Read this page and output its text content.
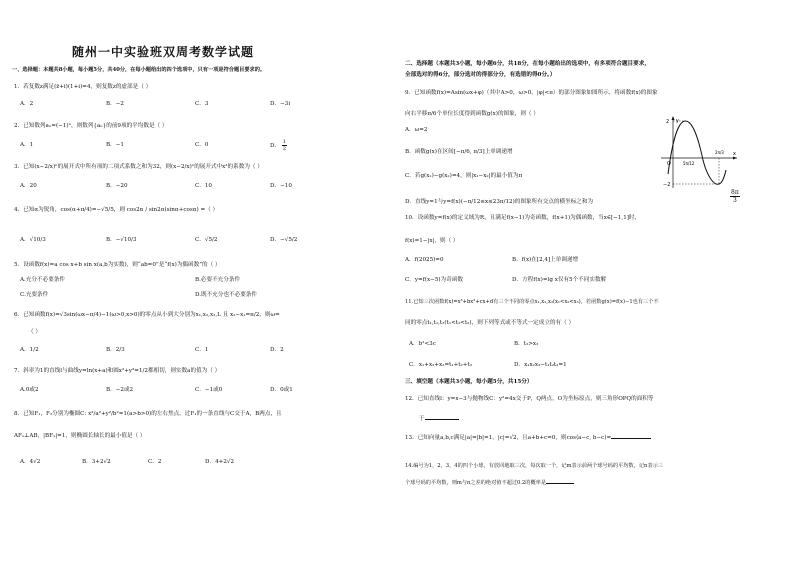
随州一中实验班双周考数学试题
一、选择题：本题共8小题，每小题5分，共40分，在每小题给出的四个选项中，只有一项是符合题目要求的。
1．若复数z满足(z̄+i)(1+i)=4，则复数z的虚部是（ ）
A．2	B．−2	C．3	D．−3i
2．已知数列aₙ=(−1)ⁿ，则数列{aₙ}的前9项的平均数是（ ）
A．1	B．−1	C．0	D． $\frac{1}{2}$
3．已知(x−2/x)ⁿ的展开式中所有项的二项式系数之和为32，则(x−2/x)ⁿ的展开式中x³的系数为（ ）
A．20	B．−20	C．10	D．−10
4．已知α为锐角，cos(α+π/4)=−√5/5，则 cos2α / sin2α(sinα+cosα) =（ ）
A．√10/3	B．−√10/3	C．√5/2	D．−√5/2
5．设函数f(x)=a cos x+b sin x(a,b为实数)，则“ab=0”是“f(x)为偶函数”的（ ）
A.充分不必要条件	B.必要不充分条件
C.充要条件	D.既不充分也不必要条件
6．已知函数f(x)=√3sin(ωx−π/4)−1(ω>0,x>0)的零点从小到大分别为x₁,x₂,x₃,L 且 x₂−x₁=π/2，则ω=
（ ）
A．1/2	B．2/3	C．1	D．2
7．斜率为1的直线l与曲线y=ln(x+a)和圆x²+y²=1/2都相切，则实数a的值为（ ）
A.0或2	B．−2或2	C．−1或0	D．0或1
8．已知F₁，F₂分别为椭圆C: x²/a²+y²/b²=1(a>b>0)的左右焦点，过F₁的一条直线与C交于A，B两点，且
AF₁⊥AB，|BF₁|=1，则椭圆长轴长的最小值是（ ）
A．4√2	B．3+2√2	C．2	D．4+2√2
二、选择题（本题共3小题，每小题6分，共18分，在每小题给出的选项中，有多项符合题目要求，
全部选对的得6分，部分选对的得部分分，有选错的得0分。）
9．已知函数f(x)=Asin(ωx+φ)（其中A>0，ω>0，|φ|<π）的部分图象如图所示，将函数f(x)的图象
向右平移π/6个单位长度得到函数g(x)的图象，则（ ）
A．ω=2
B．函数g(x)在区间[−π/6, π/3]上单调递增
C．若g(x₁)−g(x₂)=4，则|x₁−x₂|的最小值为π
D．直线y=1与y=f(x)(−π/12≤x≤23π/12)的图象所有交点的横坐标之和为	$\frac{8\pi}{3}$
y
x
2
−2
O	5π/12
2π/3
10．设函数y=f(x)的定义域为R，且满足f(x−1)为奇函数，f(x+1)为偶函数，当x∈[−1,1]时，
f(x)=1−|x|，则（ ）
A．f(2025)=0	B．f(x)在[2,4]上单调递增
C．y=f(x−5)为奇函数	D．方程f(x)=lg x仅有5个不同实数解
11.已知三次函数f(x)=x³+bx²+cx+d有三个不同的零点x₁,x₂,x₃(x₁<x₂<x₃)，若函数g(x)=f(x)−1也有三个不
同的零点t₁,t₂,t₃(t₁<t₂<t₃)，则下列等式或不等式一定成立的有（ ）
A．b²<3c	B．t₃>x₃
C．x₁+x₂+x₃=t₁+t₂+t₃	D．x₁x₂x₃−t₁t₂t₃=1
三、填空题（本题共3小题，每小题5分，共15分）
12．已知直线l：y=x−3与抛物线C：y²=4x交于P，Q两点，O为坐标原点，则三角形OPQ的面积等
于
13．已知向量a,b,c满足|a|=|b|=1，|c|=√2，且a+b+c=0，则cos⟨a−c, b−c⟩=
14.编号为1，2，3，4的四个小球，有放回地取三次，每次取一个，记m表示前两个球号码的平均数，记n表示三
个球号码的平均数，则m与n之差的绝对值不超过0.2的概率是
